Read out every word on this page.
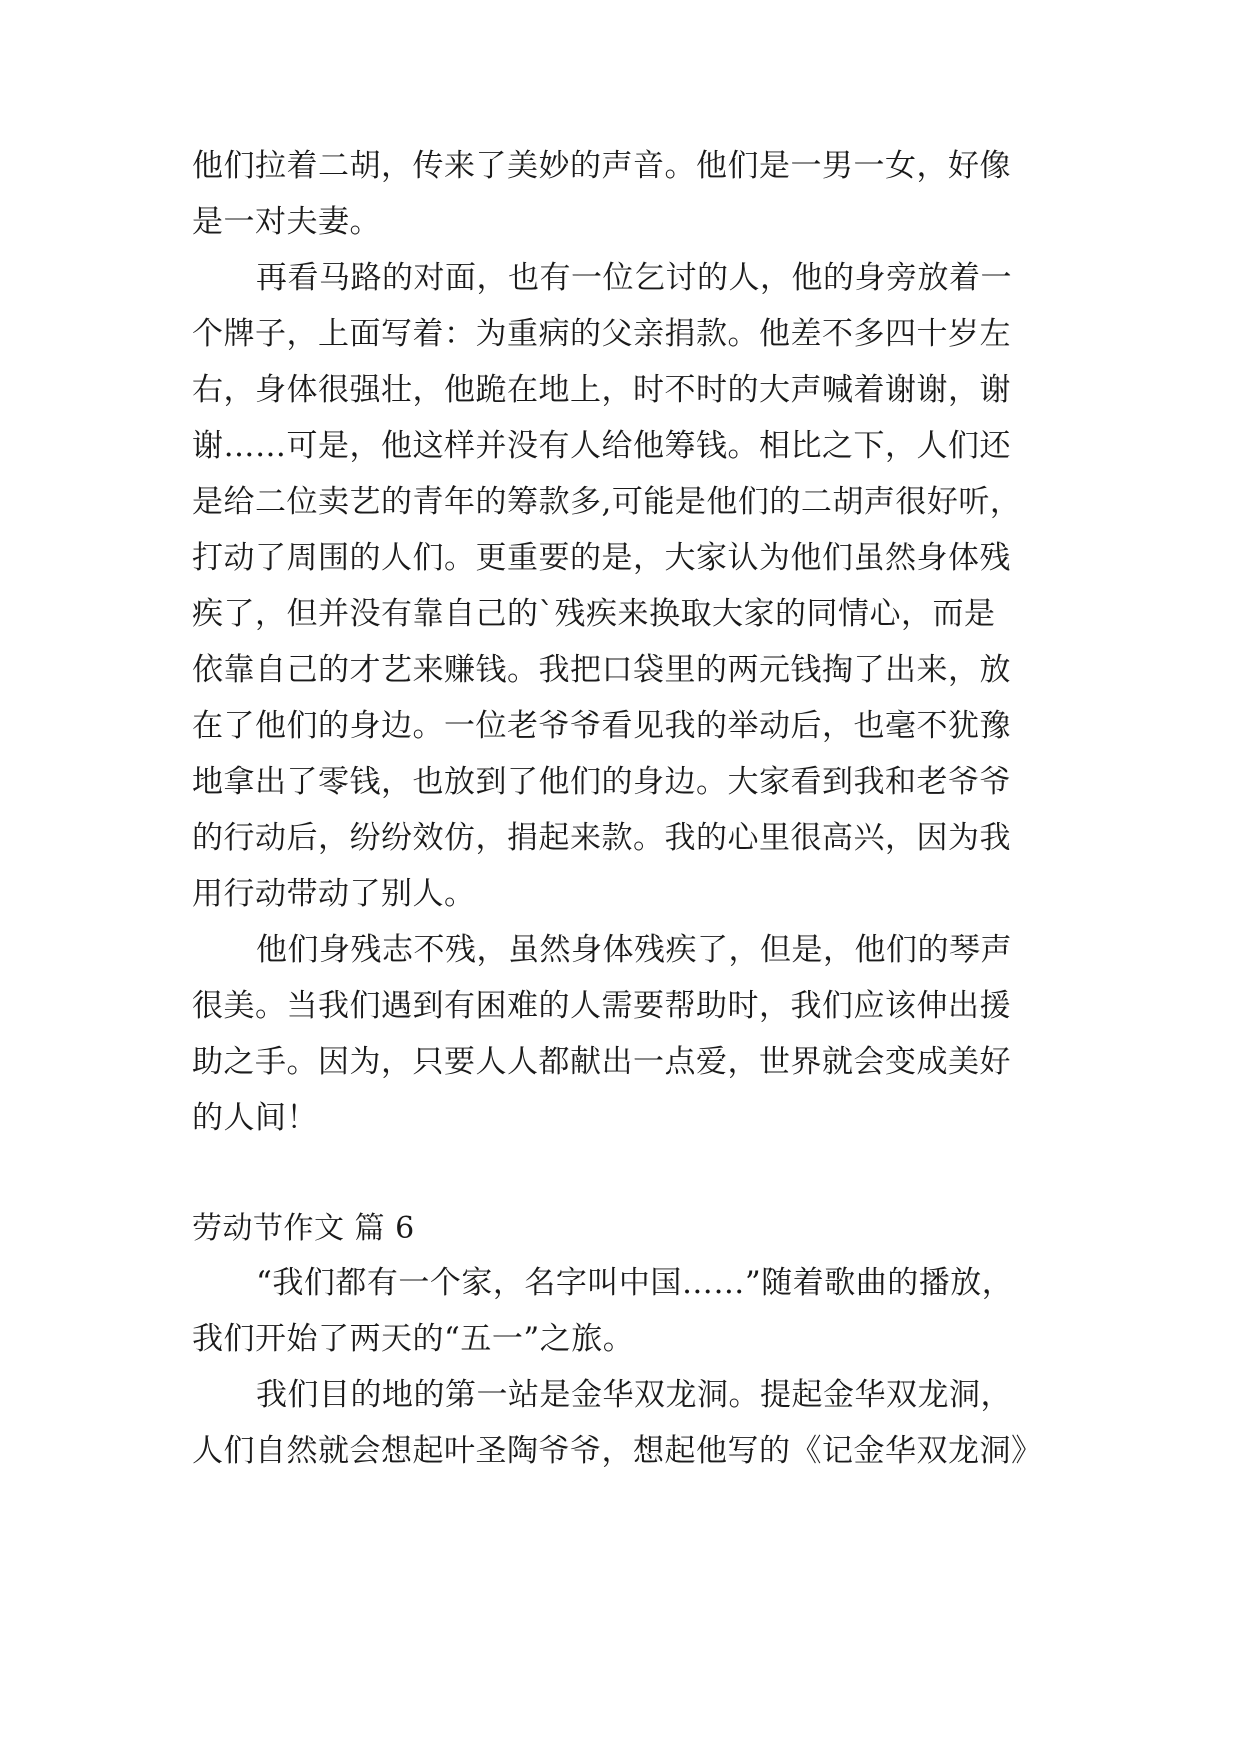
他们拉着二胡，传来了美妙的声音。他们是一男一女，好像
是一对夫妻。
再看马路的对面，也有一位乞讨的人，他的身旁放着一
个牌子，上面写着：为重病的父亲捐款。他差不多四十岁左
右，身体很强壮，他跪在地上，时不时的大声喊着谢谢，谢
谢……可是，他这样并没有人给他筹钱。相比之下，人们还
是给二位卖艺的青年的筹款多,可能是他们的二胡声很好听，
打动了周围的人们。更重要的是，大家认为他们虽然身体残
疾了，但并没有靠自己的`残疾来换取大家的同情心，而是
依靠自己的才艺来赚钱。我把口袋里的两元钱掏了出来，放
在了他们的身边。一位老爷爷看见我的举动后，也毫不犹豫
地拿出了零钱，也放到了他们的身边。大家看到我和老爷爷
的行动后，纷纷效仿，捐起来款。我的心里很高兴，因为我
用行动带动了别人。
他们身残志不残，虽然身体残疾了，但是，他们的琴声
很美。当我们遇到有困难的人需要帮助时，我们应该伸出援
助之手。因为，只要人人都献出一点爱，世界就会变成美好
的人间！
劳动节作文 篇 6
“我们都有一个家，名字叫中国……”随着歌曲的播放，
我们开始了两天的“五一”之旅。
我们目的地的第一站是金华双龙洞。提起金华双龙洞，
人们自然就会想起叶圣陶爷爷，想起他写的《记金华双龙洞》
